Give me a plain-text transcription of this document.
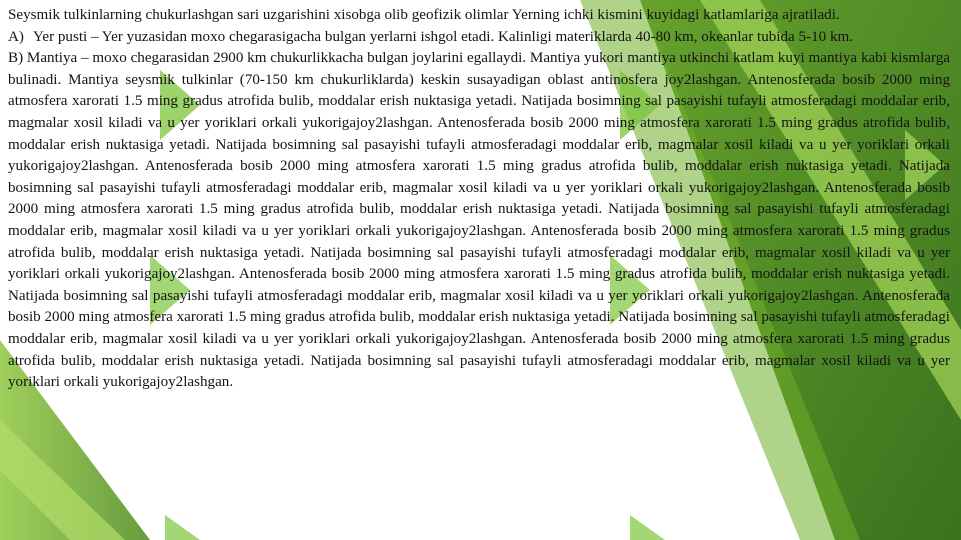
Seysmik tulkinlarning chukurlashgan sari uzgarishini xisobga olib geofizik olimlar Yerning ichki kismini kuyidagi katlamlariga ajratiladi.

A) Yer pusti – Yer yuzasidan moxo chegarasigacha bulgan yerlarni ishgol etadi. Kalinligi materiklarda 40-80 km, okeanlar tubida 5-10 km.

B) Mantiya – moxo chegarasidan 2900 km chukurlikkacha bulgan joylarini egallaydi. Mantiya yukori mantiya utkinchi katlam kuyi mantiya kabi kismlarga bulinadi. Mantiya seysmik tulkinlar (70-150 km chukurliklarda) keskin susayadigan oblast antinosfera joy2lashgan. Antenosferada bosib 2000 ming atmosfera xarorati 1.5 ming gradus atrofida bulib, moddalar erish nuktasiga yetadi. Natijada bosimning sal pasayishi tufayli atmosferadagi moddalar erib, magmalar xosil kiladi va u yer yoriklari orkali yukorigajoy2lashgan. Antenosferada bosib 2000 ming atmosfera xarorati 1.5 ming gradus atrofida bulib, moddalar erish nuktasiga yetadi. Natijada bosimning sal pasayishi tufayli atmosferadagi moddalar erib, magmalar xosil kiladi va u yer yoriklari orkali yukorigajoy2lashgan. Antenosferada bosib 2000 ming atmosfera xarorati 1.5 ming gradus atrofida bulib, moddalar erish nuktasiga yetadi. Natijada bosimning sal pasayishi tufayli atmosferadagi moddalar erib, magmalar xosil kiladi va u yer yoriklari orkali yukorigajoy2lashgan. Antenosferada bosib 2000 ming atmosfera xarorati 1.5 ming gradus atrofida bulib, moddalar erish nuktasiga yetadi. Natijada bosimning sal pasayishi tufayli atmosferadagi moddalar erib, magmalar xosil kiladi va u yer yoriklari orkali yukorigajoy2lashgan. Antenosferada bosib 2000 ming atmosfera xarorati 1.5 ming gradus atrofida bulib, moddalar erish nuktasiga yetadi. Natijada bosimning sal pasayishi tufayli atmosferadagi moddalar erib, magmalar xosil kiladi va u yer yoriklari orkali yukorigajoy2lashgan. Antenosferada bosib 2000 ming atmosfera xarorati 1.5 ming gradus atrofida bulib, moddalar erish nuktasiga yetadi. Natijada bosimning sal pasayishi tufayli atmosferadagi moddalar erib, magmalar xosil kiladi va u yer yoriklari orkali yukorigajoy2lashgan. Antenosferada bosib 2000 ming atmosfera xarorati 1.5 ming gradus atrofida bulib, moddalar erish nuktasiga yetadi. Natijada bosimning sal pasayishi tufayli atmosferadagi moddalar erib, magmalar xosil kiladi va u yer yoriklari orkali yukorigajoy2lashgan. Antenosferada bosib 2000 ming atmosfera xarorati 1.5 ming gradus atrofida bulib, moddalar erish nuktasiga yetadi. Natijada bosimning sal pasayishi tufayli atmosferadagi moddalar erib, magmalar xosil kiladi va u yer yoriklari orkali yukorigajoy2lashgan.
